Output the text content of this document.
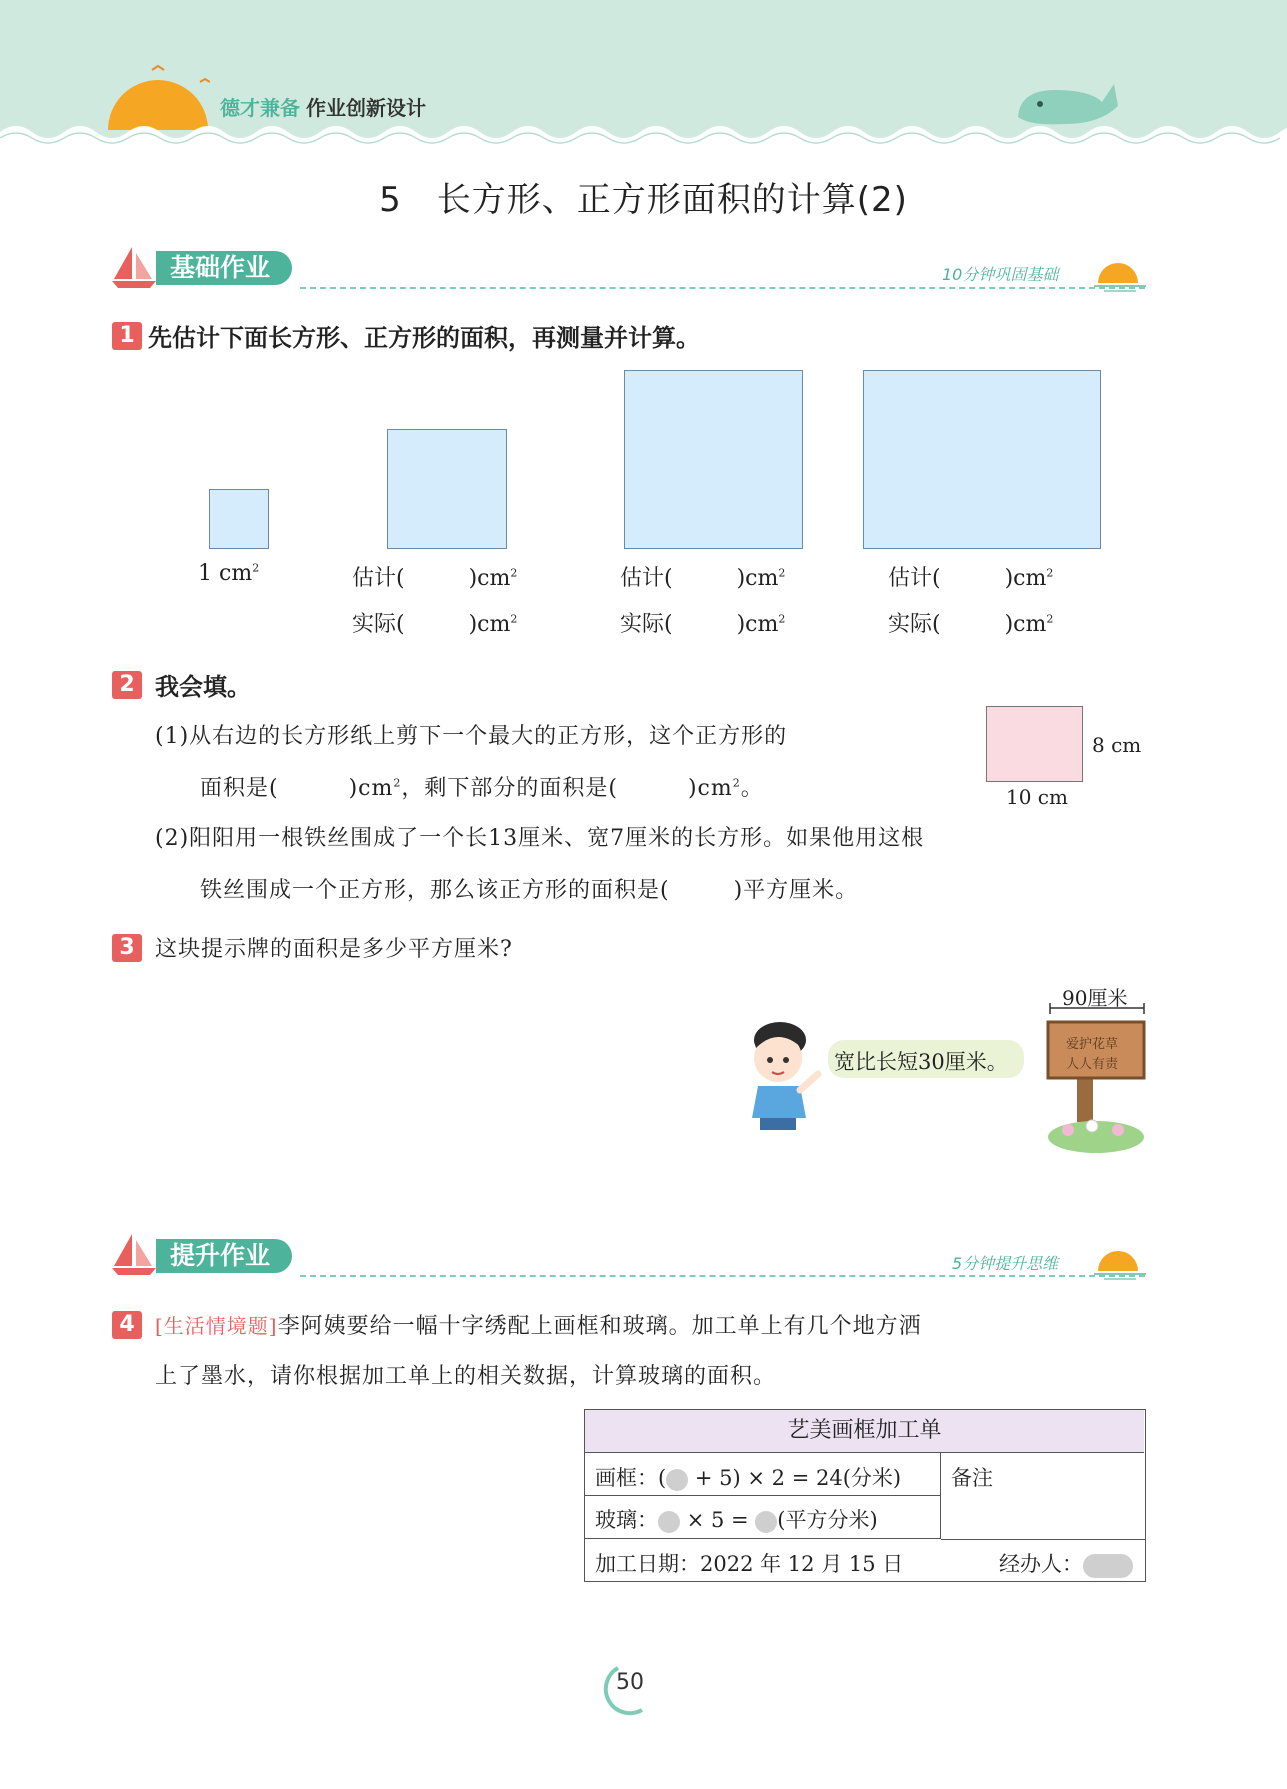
德才兼备 作业创新设计
5　长方形、正方形面积的计算(2)
基础作业	10分钟巩固基础
1 先估计下面长方形、正方形的面积，再测量并计算。
1 $cm^2$	估计(	)$cm^2$
实际(	)$cm^2$
估计(	)$cm^2$
实际(	)$cm^2$
估计(	)$cm^2$
实际(	)$cm^2$
2 我会填。
(1)从右边的长方形纸上剪下一个最大的正方形，这个正方形的
面积是(	)$cm^2$，剩下部分的面积是(	)$cm^2$。
8 cm
10 cm
(2)阳阳用一根铁丝围成了一个长13厘米、宽7厘米的长方形。如果他用这根
铁丝围成一个正方形，那么该正方形的面积是(	)平方厘米。
3 这块提示牌的面积是多少平方厘米?
宽比长短30厘米。
90厘米
爱护花草
人人有责
提升作业	5分钟提升思维
4	[生活情境题]李阿姨要给一幅十字绣配上画框和玻璃。加工单上有几个地方洒
上了墨水，请你根据加工单上的相关数据，计算玻璃的面积。
艺美画框加工单
画框：( + 5) × 2 = 24(分米)
玻璃： × 5 = (平方分米)
备注
加工日期：2022 年 12 月 15 日	经办人：
50
